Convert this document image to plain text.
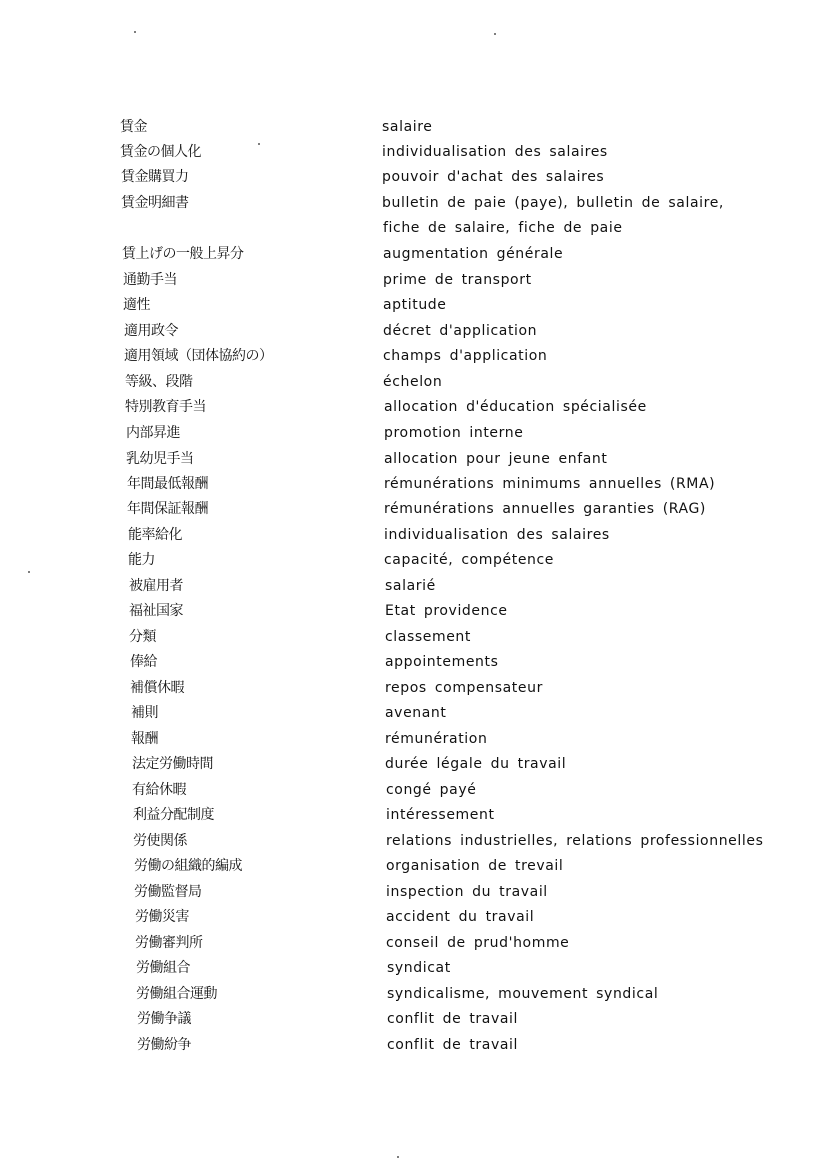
賃金	salaire
賃金の個人化	individualisation des salaires
賃金購買力	pouvoir d'achat des salaires
賃金明細書	bulletin de paie (paye), bulletin de salaire,
fiche de salaire, fiche de paie
賃上げの一般上昇分	augmentation générale
通勤手当	prime de transport
適性	aptitude
適用政令	décret d'application
適用領域（団体協約の）	champs d'application
等級、段階	échelon
特別教育手当	allocation d'éducation spécialisée
内部昇進	promotion interne
乳幼児手当	allocation pour jeune enfant
年間最低報酬	rémunérations minimums annuelles (RMA)
年間保証報酬	rémunérations annuelles garanties (RAG)
能率給化	individualisation des salaires
能力	capacité, compétence
被雇用者	salarié
福祉国家	Etat providence
分類	classement
俸給	appointements
補償休暇	repos compensateur
補則	avenant
報酬	rémunération
法定労働時間	durée légale du travail
有給休暇	congé payé
利益分配制度	intéressement
労使関係	relations industrielles, relations professionnelles
労働の組織的編成	organisation de trevail
労働監督局	inspection du travail
労働災害	accident du travail
労働審判所	conseil de prud'homme
労働組合	syndicat
労働組合運動	syndicalisme, mouvement syndical
労働争議	conflit de travail
労働紛争	conflit de travail
